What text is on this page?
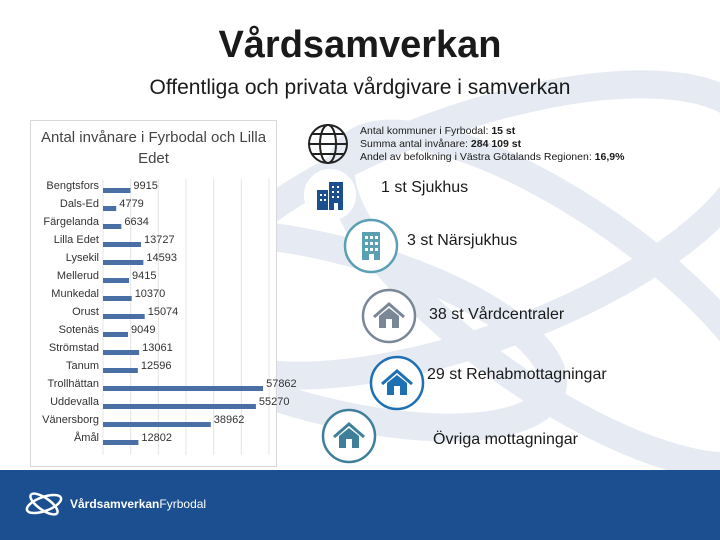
Vårdsamverkan
Offentliga och privata vårdgivare i samverkan
Antal invånare i Fyrbodal och Lilla Edet
Bengtsfors	9915
Dals-Ed 4779
Färgelanda 6634
Lilla Edet	13727
Lysekil	14593
Mellerud	9415
Munkedal	10370
Orust	15074
Sotenäs	9049
Strömstad	13061
Tanum	12596
Trollhättan	57862
Uddevalla	55270
Vänersborg	38962
Åmål	12802
Antal kommuner i Fyrbodal: 15 st
Summa antal invånare: 284 109 st
Andel av befolkning i Västra Götalands Regionen: 16,9%
1 st Sjukhus
3 st Närsjukhus
38 st Vårdcentraler
29 st Rehabmottagningar
Övriga mottagningar
VårdsamverkanFyrbodal
